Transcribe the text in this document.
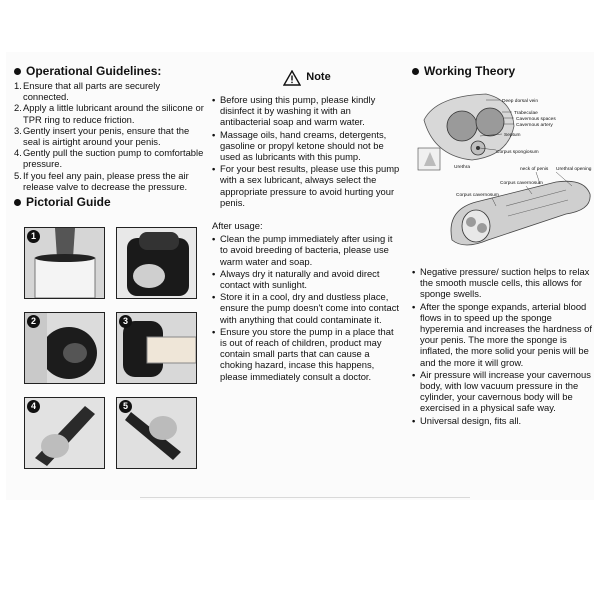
Operational Guidelines:
1. Ensure that all parts are securely connected.
2. Apply a little lubricant around the silicone or TPR ring to reduce friction.
3. Gently insert your penis, ensure that the seal is airtight around your penis.
4. Gently pull the suction pump to comfortable pressure.
5. If you feel any pain, please press the air release valve to decrease the pressure.
Pictorial Guide
1
2	3
4	5
Note
• Before using this pump, please kindly disinfect it by washing it with an antibacterial soap and warm water.
• Massage oils, hand creams, detergents, gasoline or propyl ketone should not be used as lubricants with this pump.
• For your best results, please use this pump with a sex lubricant, always select the appropriate pressure to avoid hurting your penis.
After usage:
• Clean the pump immediately after using it to avoid breeding of bacteria, please use warm water and soap.
• Always dry it naturally and avoid direct contact with sunlight.
• Store it in a cool, dry and dustless place, ensure the pump doesn't come into contact with anything that could contaminate it.
• Ensure you store the pump in a place that is out of reach of children, product may contain small parts that can cause a choking hazard, incase this happens, please immediately consult a doctor.
Working Theory
Deep dorsal vein
Trabeculae
Cavernous spaces
Cavernous artery
Septum
Corpus spongiosum
Urethra	neck of penis Urethral opening
Corpus cavernosum
Corpus cavernosum
• Negative pressure/ suction helps to relax the smooth muscle cells, this allows for sponge swells.
• After the sponge expands, arterial blood flows in to speed up the sponge hyperemia and increases the hardness of your penis. The more the sponge is inflated, the more solid your penis will be and the more it will grow.
• Air pressure will increase your cavernous body, with low vacuum pressure in the cylinder, your cavernous body will be exercised in a physical safe way.
• Universal design, fits all.
